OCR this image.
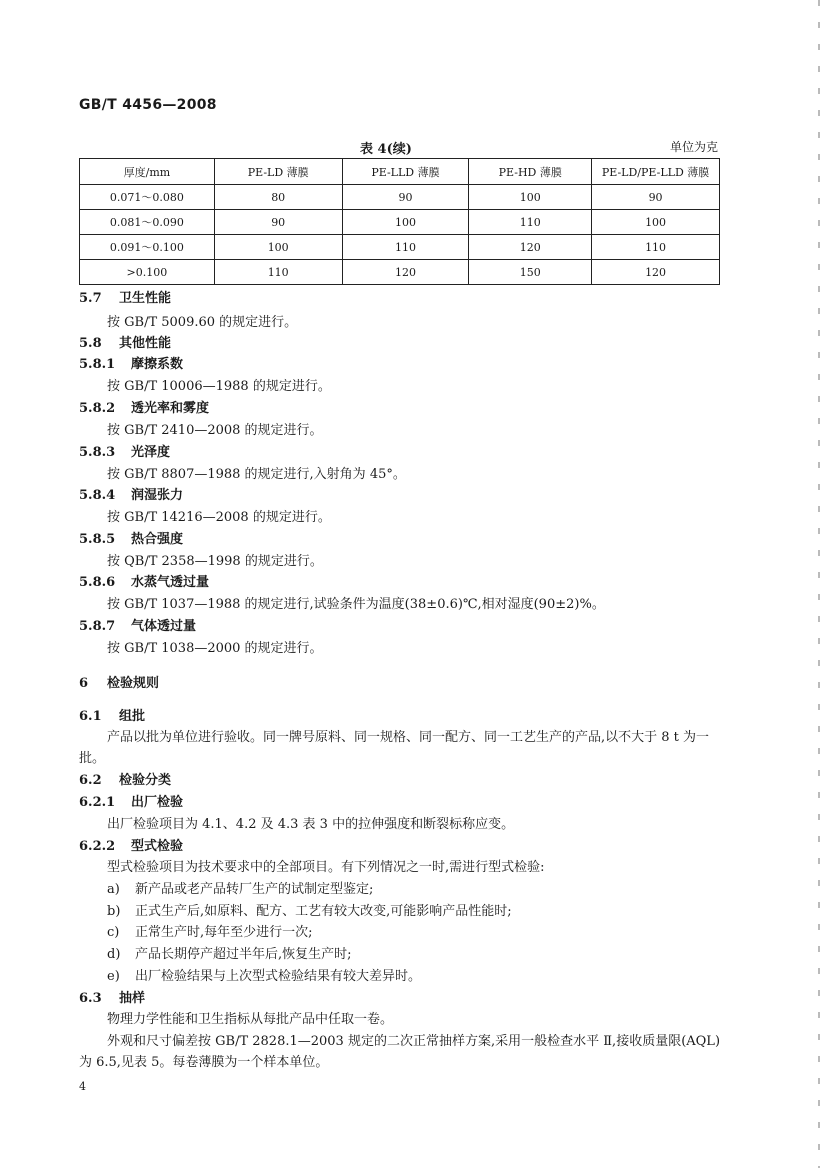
GB/T 4456—2008
表 4(续)	单位为克
厚度/mm	PE-LD 薄膜	PE-LLD 薄膜	PE-HD 薄膜	PE-LD/PE-LLD 薄膜
0.071～0.080	80	90	100	90
0.081～0.090	90	100	110	100
0.091～0.100	100	110	120	110
>0.100	110	120	150	120
5.7 卫生性能
按 GB/T 5009.60 的规定进行。
5.8 其他性能
5.8.1 摩擦系数
按 GB/T 10006—1988 的规定进行。
5.8.2 透光率和雾度
按 GB/T 2410—2008 的规定进行。
5.8.3 光泽度
按 GB/T 8807—1988 的规定进行,入射角为 45°。
5.8.4 润湿张力
按 GB/T 14216—2008 的规定进行。
5.8.5 热合强度
按 QB/T 2358—1998 的规定进行。
5.8.6 水蒸气透过量
按 GB/T 1037—1988 的规定进行,试验条件为温度(38±0.6)℃,相对湿度(90±2)%。
5.8.7 气体透过量
按 GB/T 1038—2000 的规定进行。
6 检验规则
6.1 组批
产品以批为单位进行验收。同一牌号原料、同一规格、同一配方、同一工艺生产的产品,以不大于 8 t 为一批。
6.2 检验分类
6.2.1 出厂检验
出厂检验项目为 4.1、4.2 及 4.3 表 3 中的拉伸强度和断裂标称应变。
6.2.2 型式检验
型式检验项目为技术要求中的全部项目。有下列情况之一时,需进行型式检验:
a) 新产品或老产品转厂生产的试制定型鉴定;
b) 正式生产后,如原料、配方、工艺有较大改变,可能影响产品性能时;
c) 正常生产时,每年至少进行一次;
d) 产品长期停产超过半年后,恢复生产时;
e) 出厂检验结果与上次型式检验结果有较大差异时。
6.3 抽样
物理力学性能和卫生指标从每批产品中任取一卷。
外观和尺寸偏差按 GB/T 2828.1—2003 规定的二次正常抽样方案,采用一般检查水平 Ⅱ,接收质量限(AQL)为 6.5,见表 5。每卷薄膜为一个样本单位。
4
